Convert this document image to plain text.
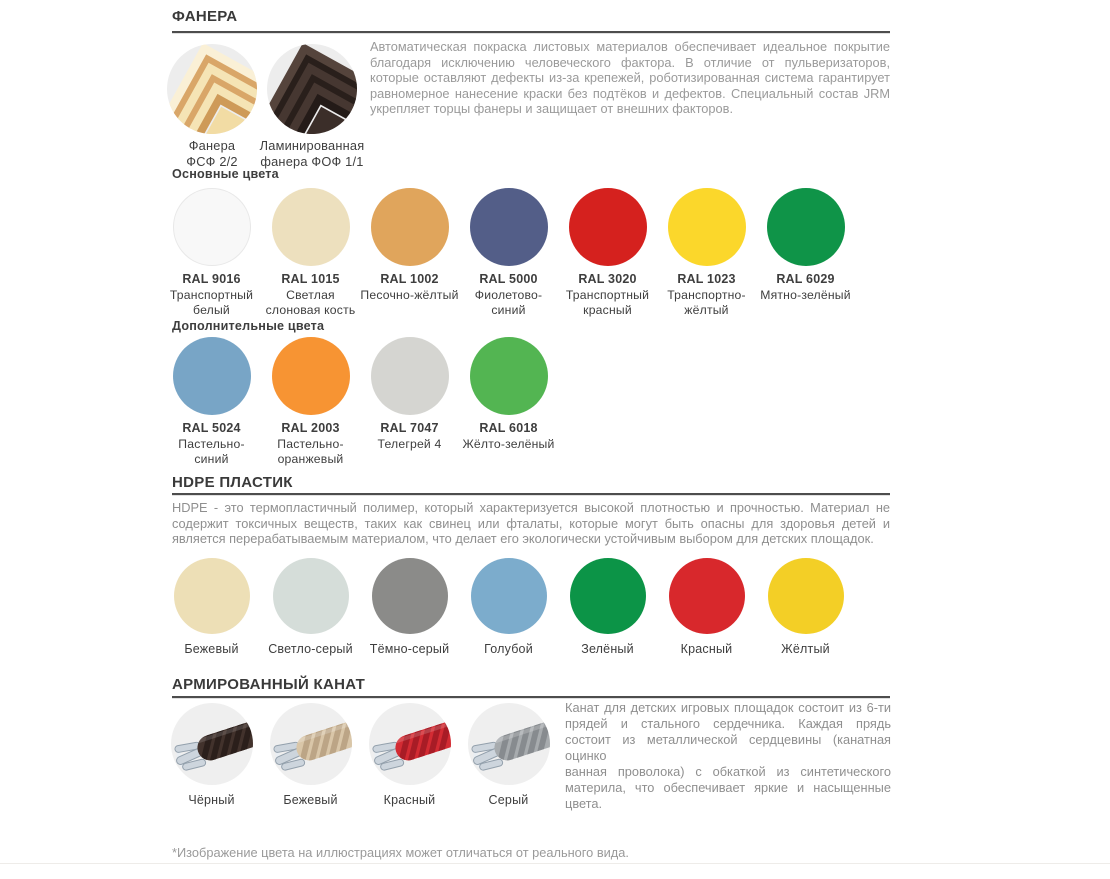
ФАНЕРА
Фанера
ФСФ 2/2
Ламинированная
фанера ФОФ 1/1

Автоматическая покраска листовых материалов обеспечивает идеальное покрытие благодаря исключению человеческого фактора. В отличие от пульверизаторов, которые оставляют дефекты из-за крепежей, роботизированная система гарантирует равномерное нанесение краски без подтёков и дефектов. Специальный состав JRM укрепляет торцы фанеры и защищает от внешних факторов.

Основные цвета
RAL 9016
Транспортный белый
RAL 1015
Светлая слоновая кость
RAL 1002
Песочно-жёлтый
RAL 5000
Фиолетово-синий
RAL 3020
Транспортный красный
RAL 1023
Транспортно-жёлтый
RAL 6029
Мятно-зелёный
Дополнительные цвета
RAL 5024
Пастельно-синий
RAL 2003
Пастельно-оранжевый
RAL 7047
Телегрей 4
RAL 6018
Жёлто-зелёный
HDPE ПЛАСТИК

HDPE - это термопластичный полимер, который характеризуется высокой плотностью и прочностью. Материал не содержит токсичных веществ, таких как свинец или фталаты, которые могут быть опасны для здоровья детей и является перерабатываемым материалом, что делает его экологически устойчивым выбором для детских площадок.

Бежевый Светло-серый Тёмно-серый	Голубой	Зелёный	Красный	Жёлтый
АРМИРОВАННЫЙ КАНАТ
Чёрный	Бежевый	Красный	Серый

Канат для детских игровых площадок состоит из 6-ти прядей и стального сердечника. Каждая прядь состоит из металлической сердцевины (канатная оцинко
ванная проволока) с обкаткой из синтетического материла, что обеспечивает яркие и насыщенные цвета.

*Изображение цвета на иллюстрациях может отличаться от реального вида.
